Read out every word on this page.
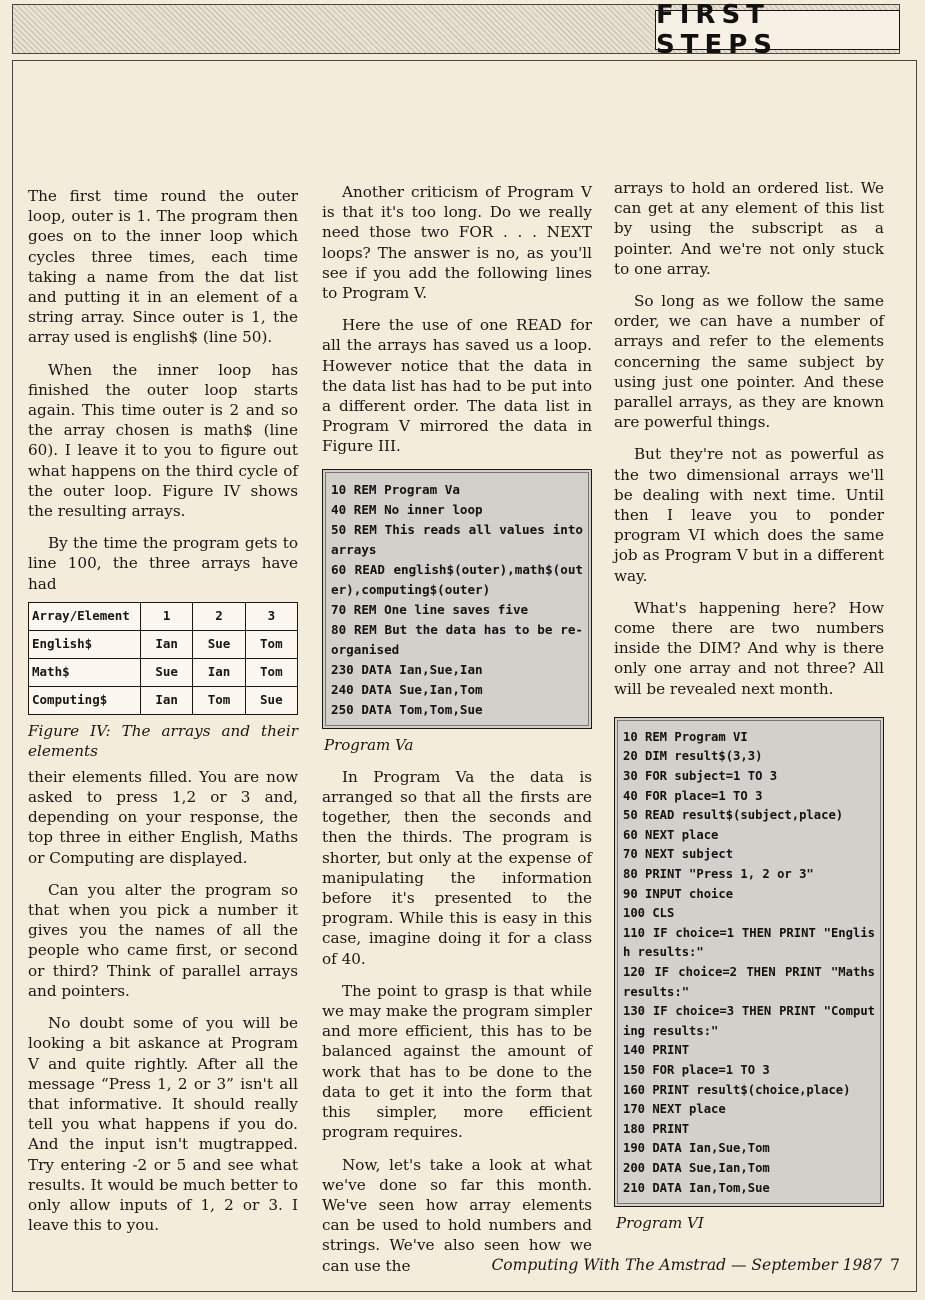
FIRST STEPS

The first time round the outer loop, outer is 1. The program then goes on to the inner loop which cycles three times, each time taking a name from the dat list and putting it in an element of a string array. Since outer is 1, the array used is english$ (line 50).

When the inner loop has finished the outer loop starts again. This time outer is 2 and so the array chosen is math$ (line 60). I leave it to you to figure out what happens on the third cycle of the outer loop. Figure IV shows the resulting arrays.

By the time the program gets to line 100, the three arrays have had

Array/Element	1	2	3
English$	Ian	Sue	Tom
Math$	Sue	Ian	Tom
Computing$	Ian	Tom	Sue
Figure IV: The arrays and their elements

their elements filled. You are now asked to press 1,2 or 3 and, depending on your response, the top three in either English, Maths or Computing are displayed.

Can you alter the program so that when you pick a number it gives you the names of all the people who came first, or second or third? Think of parallel arrays and pointers.

No doubt some of you will be looking a bit askance at Program V and quite rightly. After all the message “Press 1, 2 or 3” isn't all that informative. It should really tell you what happens if you do. And the input isn't mugtrapped. Try entering -2 or 5 and see what results. It would be much better to only allow inputs of 1, 2 or 3. I leave this to you.

Another criticism of Program V is that it's too long. Do we really need those two FOR . . . NEXT loops? The answer is no, as you'll see if you add the following lines to Program V.

Here the use of one READ for all the arrays has saved us a loop. However notice that the data in the data list has had to be put into a different order. The data list in Program V mirrored the data in Figure III.

10 REM Program Va
40 REM No inner loop
50 REM This reads all values into arrays
60 READ english$(outer),math$(outer),computing$(outer)
70 REM One line saves five
80 REM But the data has to be re-organised
230 DATA Ian,Sue,Ian
240 DATA Sue,Ian,Tom
250 DATA Tom,Tom,Sue
Program Va

In Program Va the data is arranged so that all the firsts are together, then the seconds and then the thirds. The program is shorter, but only at the expense of manipulating the information before it's presented to the program. While this is easy in this case, imagine doing it for a class of 40.

The point to grasp is that while we may make the program simpler and more efficient, this has to be balanced against the amount of work that has to be done to the data to get it into the form that this simpler, more efficient program requires.

Now, let's take a look at what we've done so far this month. We've seen how array elements can be used to hold numbers and strings. We've also seen how we can use the

arrays to hold an ordered list. We can get at any element of this list by using the subscript as a pointer. And we're not only stuck to one array.

So long as we follow the same order, we can have a number of arrays and refer to the elements concerning the same subject by using just one pointer. And these parallel arrays, as they are known are powerful things.

But they're not as powerful as the two dimensional arrays we'll be dealing with next time. Until then I leave you to ponder program VI which does the same job as Program V but in a different way.

What's happening here? How come there are two numbers inside the DIM? And why is there only one array and not three? All will be revealed next month.

10 REM Program VI
20 DIM result$(3,3)
30 FOR subject=1 TO 3
40 FOR place=1 TO 3
50 READ result$(subject,place)
60 NEXT place
70 NEXT subject
80 PRINT "Press 1, 2 or 3"
90 INPUT choice
100 CLS
110 IF choice=1 THEN PRINT "English results:"
120 IF choice=2 THEN PRINT "Maths results:"
130 IF choice=3 THEN PRINT "Computing results:"
140 PRINT
150 FOR place=1 TO 3
160 PRINT result$(choice,place)
170 NEXT place
180 PRINT
190 DATA Ian,Sue,Tom
200 DATA Sue,Ian,Tom
210 DATA Ian,Tom,Sue
Program VI
Computing With The Amstrad — September 1987 7
